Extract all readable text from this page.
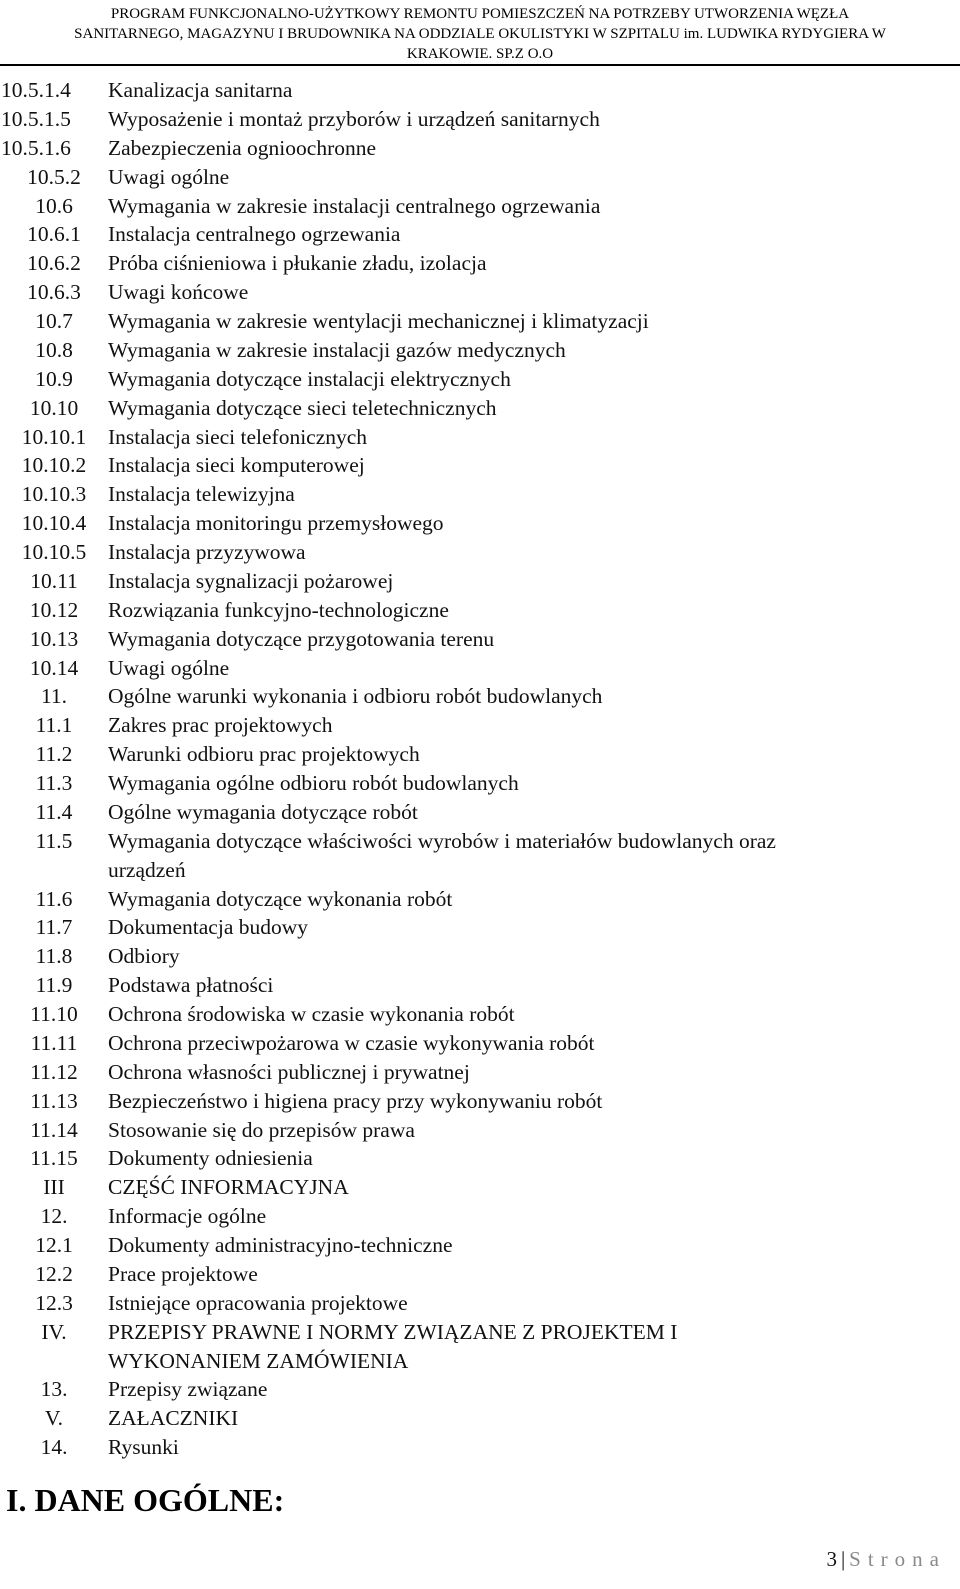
PROGRAM FUNKCJONALNO-UŻYTKOWY REMONTU POMIESZCZEŃ NA POTRZEBY UTWORZENIA WĘZŁA
SANITARNEGO, MAGAZYNU I BRUDOWNIKA NA ODDZIALE OKULISTYKI W SZPITALU im. LUDWIKA RYDYGIERA W
KRAKOWIE. SP.Z O.O
10.5.1.4	Kanalizacja sanitarna
10.5.1.5	Wyposażenie i montaż przyborów i urządzeń sanitarnych
10.5.1.6	Zabezpieczenia ognioochronne
10.5.2	Uwagi ogólne
10.6	Wymagania w zakresie instalacji centralnego ogrzewania
10.6.1	Instalacja centralnego ogrzewania
10.6.2	Próba ciśnieniowa i płukanie zładu, izolacja
10.6.3	Uwagi końcowe
10.7	Wymagania w zakresie wentylacji mechanicznej i klimatyzacji
10.8	Wymagania w zakresie instalacji gazów medycznych
10.9	Wymagania dotyczące instalacji elektrycznych
10.10	Wymagania dotyczące sieci teletechnicznych
10.10.1	Instalacja sieci telefonicznych
10.10.2	Instalacja sieci komputerowej
10.10.3	Instalacja telewizyjna
10.10.4	Instalacja monitoringu przemysłowego
10.10.5	Instalacja przyzywowa
10.11	Instalacja sygnalizacji pożarowej
10.12	Rozwiązania funkcyjno-technologiczne
10.13	Wymagania dotyczące przygotowania terenu
10.14	Uwagi ogólne
11.	Ogólne warunki wykonania i odbioru robót budowlanych
11.1	Zakres prac projektowych
11.2	Warunki odbioru prac projektowych
11.3	Wymagania ogólne odbioru robót budowlanych
11.4	Ogólne wymagania dotyczące robót
11.5	Wymagania dotyczące właściwości wyrobów i materiałów budowlanych oraz urządzeń
11.6	Wymagania dotyczące wykonania robót
11.7	Dokumentacja budowy
11.8	Odbiory
11.9	Podstawa płatności
11.10	Ochrona środowiska w czasie wykonania robót
11.11	Ochrona przeciwpożarowa w czasie wykonywania robót
11.12	Ochrona własności publicznej i prywatnej
11.13	Bezpieczeństwo i higiena pracy przy wykonywaniu robót
11.14	Stosowanie się do przepisów prawa
11.15	Dokumenty odniesienia
III	CZĘŚĆ INFORMACYJNA
12.	Informacje ogólne
12.1	Dokumenty administracyjno-techniczne
12.2	Prace projektowe
12.3	Istniejące opracowania projektowe
IV.	PRZEPISY PRAWNE I NORMY ZWIĄZANE Z PROJEKTEM I WYKONANIEM ZAMÓWIENIA
13.	Przepisy związane
V.	ZAŁACZNIKI
14.	Rysunki
I. DANE OGÓLNE:
3 | Strona
